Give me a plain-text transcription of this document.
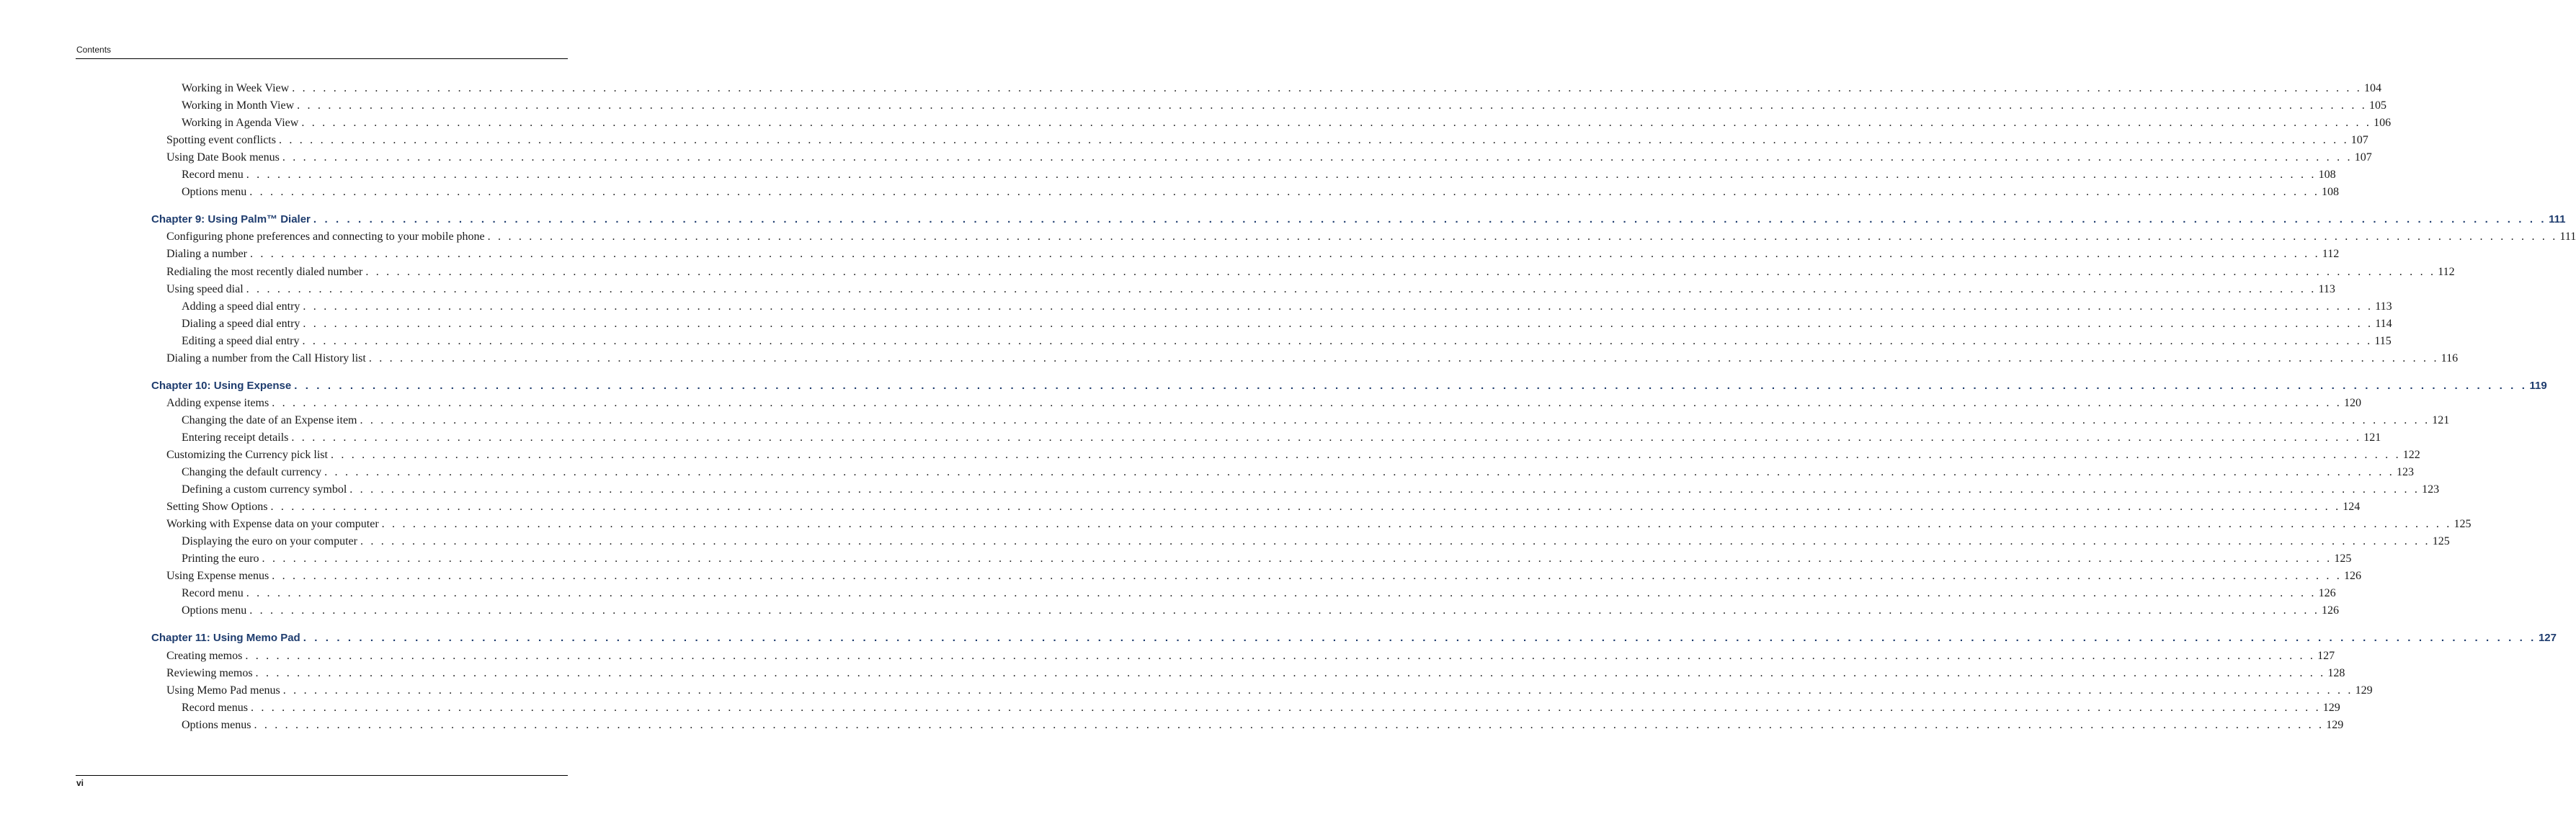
Contents
Working in Week View . . . . . . . . . . . . . . . . . . . . . . . . . . . . . . . . . . . . . . . . . . . . . . . . . . . . . . . . . . . . . . . . . . . . . . . . . . . . . . . . . . . . . . . . . . . . . . . . . . . . . . . . . . . . . . . . . . . . . . . . . . . . . . . . . . . . . . . . . . . . . . . . . . . . . . . . . . . . . . . . . . . . . . . . . . . . . . . . . . . . . . . . . . . . . . . . . . . . . . . . 104
Working in Month View . . . . . . . . . . . . . . . . . . . . . . . . . . . . . . . . . . . . . . . . . . . . . . . . . . . . . . . . . . . . . . . . . . . . . . . . . . . . . . . . . . . . . . . . . . . . . . . . . . . . . . . . . . . . . . . . . . . . . . . . . . . . . . . . . . . . . . . . . . . . . . . . . . . . . . . . . . . . . . . . . . . . . . . . . . . . . . . . . . . . . . . . . . . . . . . . . . . . . . . . 105
Working in Agenda View . . . . . . . . . . . . . . . . . . . . . . . . . . . . . . . . . . . . . . . . . . . . . . . . . . . . . . . . . . . . . . . . . . . . . . . . . . . . . . . . . . . . . . . . . . . . . . . . . . . . . . . . . . . . . . . . . . . . . . . . . . . . . . . . . . . . . . . . . . . . . . . . . . . . . . . . . . . . . . . . . . . . . . . . . . . . . . . . . . . . . . . . . . . . . . . . . . . . . . . . 106
Spotting event conflicts . . . . . . . . . . . . . . . . . . . . . . . . . . . . . . . . . . . . . . . . . . . . . . . . . . . . . . . . . . . . . . . . . . . . . . . . . . . . . . . . . . . . . . . . . . . . . . . . . . . . . . . . . . . . . . . . . . . . . . . . . . . . . . . . . . . . . . . . . . . . . . . . . . . . . . . . . . . . . . . . . . . . . . . . . . . . . . . . . . . . . . . . . . . . . . . . . . . . . . . . 107
Using Date Book menus . . . . . . . . . . . . . . . . . . . . . . . . . . . . . . . . . . . . . . . . . . . . . . . . . . . . . . . . . . . . . . . . . . . . . . . . . . . . . . . . . . . . . . . . . . . . . . . . . . . . . . . . . . . . . . . . . . . . . . . . . . . . . . . . . . . . . . . . . . . . . . . . . . . . . . . . . . . . . . . . . . . . . . . . . . . . . . . . . . . . . . . . . . . . . . . . . . . . . . . . 107
Record menu . . . . . . . . . . . . . . . . . . . . . . . . . . . . . . . . . . . . . . . . . . . . . . . . . . . . . . . . . . . . . . . . . . . . . . . . . . . . . . . . . . . . . . . . . . . . . . . . . . . . . . . . . . . . . . . . . . . . . . . . . . . . . . . . . . . . . . . . . . . . . . . . . . . . . . . . . . . . . . . . . . . . . . . . . . . . . . . . . . . . . . . . . . . . . . . . . . . . . . . . 108
Options menu . . . . . . . . . . . . . . . . . . . . . . . . . . . . . . . . . . . . . . . . . . . . . . . . . . . . . . . . . . . . . . . . . . . . . . . . . . . . . . . . . . . . . . . . . . . . . . . . . . . . . . . . . . . . . . . . . . . . . . . . . . . . . . . . . . . . . . . . . . . . . . . . . . . . . . . . . . . . . . . . . . . . . . . . . . . . . . . . . . . . . . . . . . . . . . . . . . . . . . . . 108
Chapter 9: Using Palm™ Dialer . . . . . . . . . . . . . . . . . . . . . . . . . . . . . . . . . . . . . . . . . . . . . . . . . . . . . . . . . . . . . . . . . . . . . . . . . . . . . . . . . . . . . . . . . . . . . . . . . . . . . . . . . . . . . . . . . . . . . . . . . . . . . . . . . . . . . . . . . . . . . . . . . . . . . . . . . . . . . . . . . . . . . . . . . . . . . . . . . . . . . . . . . . . . . . . . . . . . . . . . 111
Configuring phone preferences and connecting to your mobile phone . . . . . . . . . . . . . . . . . . . . . . . . . . . . . . . . . . . . . . . . . . . . . . . . . . . . . . . . . . . . . . . . . . . . . . . . . . . . . . . . . . . . . . . . . . . . . . . . . . . . . . . . . . . . . . . . . . . . . . . . . . . . . . . . . . . . . . . . . . . . . . . . . . . . . . . . . . . . . . . . . . . . . . . . . . . . . . . . . . . . . . . . . . . . . . . . . . . . . . . . 111
Dialing a number . . . . . . . . . . . . . . . . . . . . . . . . . . . . . . . . . . . . . . . . . . . . . . . . . . . . . . . . . . . . . . . . . . . . . . . . . . . . . . . . . . . . . . . . . . . . . . . . . . . . . . . . . . . . . . . . . . . . . . . . . . . . . . . . . . . . . . . . . . . . . . . . . . . . . . . . . . . . . . . . . . . . . . . . . . . . . . . . . . . . . . . . . . . . . . . . . . . . . . . . 112
Redialing the most recently dialed number . . . . . . . . . . . . . . . . . . . . . . . . . . . . . . . . . . . . . . . . . . . . . . . . . . . . . . . . . . . . . . . . . . . . . . . . . . . . . . . . . . . . . . . . . . . . . . . . . . . . . . . . . . . . . . . . . . . . . . . . . . . . . . . . . . . . . . . . . . . . . . . . . . . . . . . . . . . . . . . . . . . . . . . . . . . . . . . . . . . . . . . . . . . . . . . . . . . . . . . . 112
Using speed dial . . . . . . . . . . . . . . . . . . . . . . . . . . . . . . . . . . . . . . . . . . . . . . . . . . . . . . . . . . . . . . . . . . . . . . . . . . . . . . . . . . . . . . . . . . . . . . . . . . . . . . . . . . . . . . . . . . . . . . . . . . . . . . . . . . . . . . . . . . . . . . . . . . . . . . . . . . . . . . . . . . . . . . . . . . . . . . . . . . . . . . . . . . . . . . . . . . . . . . . . 113
Adding a speed dial entry . . . . . . . . . . . . . . . . . . . . . . . . . . . . . . . . . . . . . . . . . . . . . . . . . . . . . . . . . . . . . . . . . . . . . . . . . . . . . . . . . . . . . . . . . . . . . . . . . . . . . . . . . . . . . . . . . . . . . . . . . . . . . . . . . . . . . . . . . . . . . . . . . . . . . . . . . . . . . . . . . . . . . . . . . . . . . . . . . . . . . . . . . . . . . . . . . . . . . . . . 113
Dialing a speed dial entry . . . . . . . . . . . . . . . . . . . . . . . . . . . . . . . . . . . . . . . . . . . . . . . . . . . . . . . . . . . . . . . . . . . . . . . . . . . . . . . . . . . . . . . . . . . . . . . . . . . . . . . . . . . . . . . . . . . . . . . . . . . . . . . . . . . . . . . . . . . . . . . . . . . . . . . . . . . . . . . . . . . . . . . . . . . . . . . . . . . . . . . . . . . . . . . . . . . . . . . . 114
Editing a speed dial entry . . . . . . . . . . . . . . . . . . . . . . . . . . . . . . . . . . . . . . . . . . . . . . . . . . . . . . . . . . . . . . . . . . . . . . . . . . . . . . . . . . . . . . . . . . . . . . . . . . . . . . . . . . . . . . . . . . . . . . . . . . . . . . . . . . . . . . . . . . . . . . . . . . . . . . . . . . . . . . . . . . . . . . . . . . . . . . . . . . . . . . . . . . . . . . . . . . . . . . . . 115
Dialing a number from the Call History list . . . . . . . . . . . . . . . . . . . . . . . . . . . . . . . . . . . . . . . . . . . . . . . . . . . . . . . . . . . . . . . . . . . . . . . . . . . . . . . . . . . . . . . . . . . . . . . . . . . . . . . . . . . . . . . . . . . . . . . . . . . . . . . . . . . . . . . . . . . . . . . . . . . . . . . . . . . . . . . . . . . . . . . . . . . . . . . . . . . . . . . . . . . . . . . . . . . . . . . . 116
Chapter 10: Using Expense . . . . . . . . . . . . . . . . . . . . . . . . . . . . . . . . . . . . . . . . . . . . . . . . . . . . . . . . . . . . . . . . . . . . . . . . . . . . . . . . . . . . . . . . . . . . . . . . . . . . . . . . . . . . . . . . . . . . . . . . . . . . . . . . . . . . . . . . . . . . . . . . . . . . . . . . . . . . . . . . . . . . . . . . . . . . . . . . . . . . . . . . . . . . . . . . . . . . . . . . 119
Adding expense items . . . . . . . . . . . . . . . . . . . . . . . . . . . . . . . . . . . . . . . . . . . . . . . . . . . . . . . . . . . . . . . . . . . . . . . . . . . . . . . . . . . . . . . . . . . . . . . . . . . . . . . . . . . . . . . . . . . . . . . . . . . . . . . . . . . . . . . . . . . . . . . . . . . . . . . . . . . . . . . . . . . . . . . . . . . . . . . . . . . . . . . . . . . . . . . . . . . . . . . . 120
Changing the date of an Expense item . . . . . . . . . . . . . . . . . . . . . . . . . . . . . . . . . . . . . . . . . . . . . . . . . . . . . . . . . . . . . . . . . . . . . . . . . . . . . . . . . . . . . . . . . . . . . . . . . . . . . . . . . . . . . . . . . . . . . . . . . . . . . . . . . . . . . . . . . . . . . . . . . . . . . . . . . . . . . . . . . . . . . . . . . . . . . . . . . . . . . . . . . . . . . . . . . . . . . . . . 121
Entering receipt details . . . . . . . . . . . . . . . . . . . . . . . . . . . . . . . . . . . . . . . . . . . . . . . . . . . . . . . . . . . . . . . . . . . . . . . . . . . . . . . . . . . . . . . . . . . . . . . . . . . . . . . . . . . . . . . . . . . . . . . . . . . . . . . . . . . . . . . . . . . . . . . . . . . . . . . . . . . . . . . . . . . . . . . . . . . . . . . . . . . . . . . . . . . . . . . . . . . . . . . . 121
Customizing the Currency pick list . . . . . . . . . . . . . . . . . . . . . . . . . . . . . . . . . . . . . . . . . . . . . . . . . . . . . . . . . . . . . . . . . . . . . . . . . . . . . . . . . . . . . . . . . . . . . . . . . . . . . . . . . . . . . . . . . . . . . . . . . . . . . . . . . . . . . . . . . . . . . . . . . . . . . . . . . . . . . . . . . . . . . . . . . . . . . . . . . . . . . . . . . . . . . . . . . . . . . . . . 122
Changing the default currency . . . . . . . . . . . . . . . . . . . . . . . . . . . . . . . . . . . . . . . . . . . . . . . . . . . . . . . . . . . . . . . . . . . . . . . . . . . . . . . . . . . . . . . . . . . . . . . . . . . . . . . . . . . . . . . . . . . . . . . . . . . . . . . . . . . . . . . . . . . . . . . . . . . . . . . . . . . . . . . . . . . . . . . . . . . . . . . . . . . . . . . . . . . . . . . . . . . . . . . . 123
Defining a custom currency symbol . . . . . . . . . . . . . . . . . . . . . . . . . . . . . . . . . . . . . . . . . . . . . . . . . . . . . . . . . . . . . . . . . . . . . . . . . . . . . . . . . . . . . . . . . . . . . . . . . . . . . . . . . . . . . . . . . . . . . . . . . . . . . . . . . . . . . . . . . . . . . . . . . . . . . . . . . . . . . . . . . . . . . . . . . . . . . . . . . . . . . . . . . . . . . . . . . . . . . . . . 123
Setting Show Options . . . . . . . . . . . . . . . . . . . . . . . . . . . . . . . . . . . . . . . . . . . . . . . . . . . . . . . . . . . . . . . . . . . . . . . . . . . . . . . . . . . . . . . . . . . . . . . . . . . . . . . . . . . . . . . . . . . . . . . . . . . . . . . . . . . . . . . . . . . . . . . . . . . . . . . . . . . . . . . . . . . . . . . . . . . . . . . . . . . . . . . . . . . . . . . . . . . . . . . . 124
Working with Expense data on your computer . . . . . . . . . . . . . . . . . . . . . . . . . . . . . . . . . . . . . . . . . . . . . . . . . . . . . . . . . . . . . . . . . . . . . . . . . . . . . . . . . . . . . . . . . . . . . . . . . . . . . . . . . . . . . . . . . . . . . . . . . . . . . . . . . . . . . . . . . . . . . . . . . . . . . . . . . . . . . . . . . . . . . . . . . . . . . . . . . . . . . . . . . . . . . . . . . . . . . . . . 125
Displaying the euro on your computer . . . . . . . . . . . . . . . . . . . . . . . . . . . . . . . . . . . . . . . . . . . . . . . . . . . . . . . . . . . . . . . . . . . . . . . . . . . . . . . . . . . . . . . . . . . . . . . . . . . . . . . . . . . . . . . . . . . . . . . . . . . . . . . . . . . . . . . . . . . . . . . . . . . . . . . . . . . . . . . . . . . . . . . . . . . . . . . . . . . . . . . . . . . . . . . . . . . . . . . . 125
Printing the euro . . . . . . . . . . . . . . . . . . . . . . . . . . . . . . . . . . . . . . . . . . . . . . . . . . . . . . . . . . . . . . . . . . . . . . . . . . . . . . . . . . . . . . . . . . . . . . . . . . . . . . . . . . . . . . . . . . . . . . . . . . . . . . . . . . . . . . . . . . . . . . . . . . . . . . . . . . . . . . . . . . . . . . . . . . . . . . . . . . . . . . . . . . . . . . . . . . . . . . . . 125
Using Expense menus . . . . . . . . . . . . . . . . . . . . . . . . . . . . . . . . . . . . . . . . . . . . . . . . . . . . . . . . . . . . . . . . . . . . . . . . . . . . . . . . . . . . . . . . . . . . . . . . . . . . . . . . . . . . . . . . . . . . . . . . . . . . . . . . . . . . . . . . . . . . . . . . . . . . . . . . . . . . . . . . . . . . . . . . . . . . . . . . . . . . . . . . . . . . . . . . . . . . . . . . 126
Record menu . . . . . . . . . . . . . . . . . . . . . . . . . . . . . . . . . . . . . . . . . . . . . . . . . . . . . . . . . . . . . . . . . . . . . . . . . . . . . . . . . . . . . . . . . . . . . . . . . . . . . . . . . . . . . . . . . . . . . . . . . . . . . . . . . . . . . . . . . . . . . . . . . . . . . . . . . . . . . . . . . . . . . . . . . . . . . . . . . . . . . . . . . . . . . . . . . . . . . . . . 126
Options menu . . . . . . . . . . . . . . . . . . . . . . . . . . . . . . . . . . . . . . . . . . . . . . . . . . . . . . . . . . . . . . . . . . . . . . . . . . . . . . . . . . . . . . . . . . . . . . . . . . . . . . . . . . . . . . . . . . . . . . . . . . . . . . . . . . . . . . . . . . . . . . . . . . . . . . . . . . . . . . . . . . . . . . . . . . . . . . . . . . . . . . . . . . . . . . . . . . . . . . . . 126
Chapter 11: Using Memo Pad . . . . . . . . . . . . . . . . . . . . . . . . . . . . . . . . . . . . . . . . . . . . . . . . . . . . . . . . . . . . . . . . . . . . . . . . . . . . . . . . . . . . . . . . . . . . . . . . . . . . . . . . . . . . . . . . . . . . . . . . . . . . . . . . . . . . . . . . . . . . . . . . . . . . . . . . . . . . . . . . . . . . . . . . . . . . . . . . . . . . . . . . . . . . . . . . . . . . . . . . 127
Creating memos . . . . . . . . . . . . . . . . . . . . . . . . . . . . . . . . . . . . . . . . . . . . . . . . . . . . . . . . . . . . . . . . . . . . . . . . . . . . . . . . . . . . . . . . . . . . . . . . . . . . . . . . . . . . . . . . . . . . . . . . . . . . . . . . . . . . . . . . . . . . . . . . . . . . . . . . . . . . . . . . . . . . . . . . . . . . . . . . . . . . . . . . . . . . . . . . . . . . . . . . 127
Reviewing memos . . . . . . . . . . . . . . . . . . . . . . . . . . . . . . . . . . . . . . . . . . . . . . . . . . . . . . . . . . . . . . . . . . . . . . . . . . . . . . . . . . . . . . . . . . . . . . . . . . . . . . . . . . . . . . . . . . . . . . . . . . . . . . . . . . . . . . . . . . . . . . . . . . . . . . . . . . . . . . . . . . . . . . . . . . . . . . . . . . . . . . . . . . . . . . . . . . . . . . . . 128
Using Memo Pad menus . . . . . . . . . . . . . . . . . . . . . . . . . . . . . . . . . . . . . . . . . . . . . . . . . . . . . . . . . . . . . . . . . . . . . . . . . . . . . . . . . . . . . . . . . . . . . . . . . . . . . . . . . . . . . . . . . . . . . . . . . . . . . . . . . . . . . . . . . . . . . . . . . . . . . . . . . . . . . . . . . . . . . . . . . . . . . . . . . . . . . . . . . . . . . . . . . . . . . . . . 129
Record menus . . . . . . . . . . . . . . . . . . . . . . . . . . . . . . . . . . . . . . . . . . . . . . . . . . . . . . . . . . . . . . . . . . . . . . . . . . . . . . . . . . . . . . . . . . . . . . . . . . . . . . . . . . . . . . . . . . . . . . . . . . . . . . . . . . . . . . . . . . . . . . . . . . . . . . . . . . . . . . . . . . . . . . . . . . . . . . . . . . . . . . . . . . . . . . . . . . . . . . . . 129
Options menus . . . . . . . . . . . . . . . . . . . . . . . . . . . . . . . . . . . . . . . . . . . . . . . . . . . . . . . . . . . . . . . . . . . . . . . . . . . . . . . . . . . . . . . . . . . . . . . . . . . . . . . . . . . . . . . . . . . . . . . . . . . . . . . . . . . . . . . . . . . . . . . . . . . . . . . . . . . . . . . . . . . . . . . . . . . . . . . . . . . . . . . . . . . . . . . . . . . . . . . . 129
vi
